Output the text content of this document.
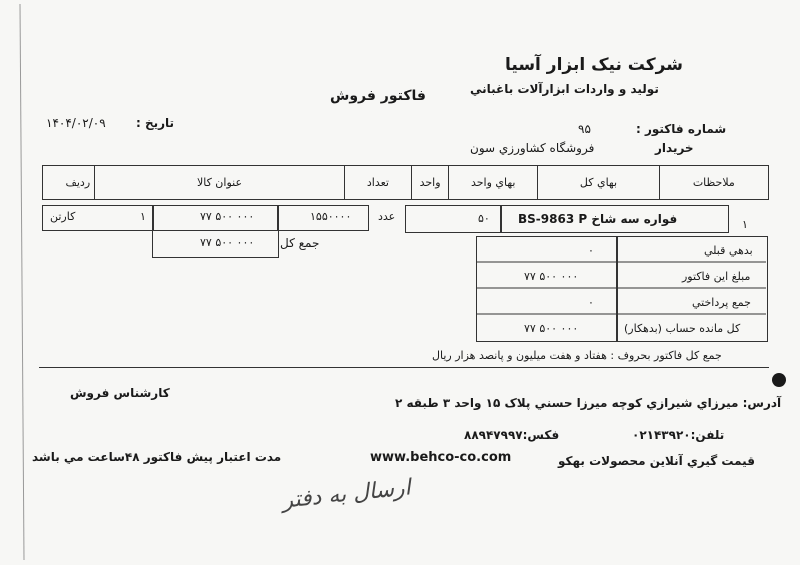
شرکت نيک ابزار آسيا
توليد و واردات ابزارآلات باغباني
فاکتور فروش
تاريخ :
۱۴۰۴/۰۲/۰۹	شماره فاکتور :
۹۵
خريدار
فروشگاه کشاورزي سون
رديف	عنوان کالا	تعداد	واحد	بهاي واحد	بهاي کل	ملاحظات
کارتن	۱	۷۷ ۵۰۰ ۰۰۰	۱۵۵۰۰۰۰ عدد	۵۰ فواره سه شاخ BS-9863 P	۱
۷۷ ۵۰۰ ۰۰۰ جمع کل
۰	بدهي قبلي
۷۷ ۵۰۰ ۰۰۰	مبلغ اين فاکتور
۰	جمع پرداختي
۷۷ ۵۰۰ ۰۰۰	کل مانده حساب (بدهکار)
جمع کل فاکتور بحروف : هفتاد و هفت ميليون و پانصد هزار ريال
کارشناس فروش
آدرس: ميرزاي شيرازي کوچه ميرزا حسني پلاک ۱۵ واحد ۳ طبقه ۲
تلفن:۰۲۱۴۳۹۲۰
فکس:۸۸۹۴۷۹۹۷
مدت اعتبار پيش فاکتور ۴۸ساعت مي باشد	www.behco-co.com	قيمت گيري آنلاين محصولات بهکو
ارسال به دفتر
